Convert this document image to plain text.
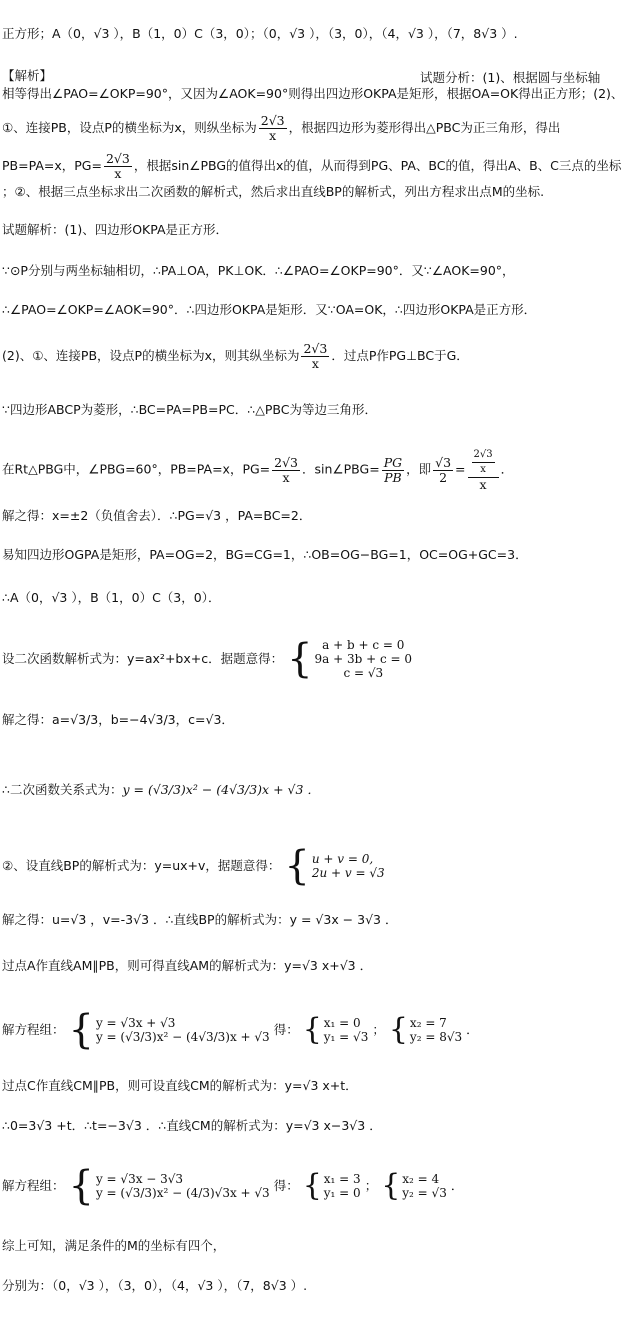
正方形；A（0，√3 ），B（1，0）C（3，0）；（0，√3 ），（3，0），（4，√3 ），（7，8√3 ）.
【解析】	试题分析：(1)、根据圆与坐标轴
相等得出∠PAO=∠OKP=90°，又因为∠AOK=90°则得出四边形OKPA是矩形，根据OA=OK得出正方形；(2)、
①、连接PB，设点P的横坐标为x，则纵坐标为 $\frac{2√3}{x}$ ，根据四边形为菱形得出△PBC为正三角形，得出
PB=PA=x，$PG= \frac{2√3}{x}$ ，根据sin∠PBG的值得出x的值，从而得到PG、PA、BC的值，得出A、B、C三点的坐标
；②、根据三点坐标求出二次函数的解析式，然后求出直线BP的解析式，列出方程求出点M的坐标.
试题解析：(1)、四边形OKPA是正方形．
∵⊙P分别与两坐标轴相切，∴PA⊥OA，PK⊥OK．∴∠PAO=∠OKP=90°．又∵∠AOK=90°，
∴∠PAO=∠OKP=∠AOK=90°．∴四边形OKPA是矩形．又∵OA=OK，∴四边形OKPA是正方形．
(2)、①、连接PB，设点P的横坐标为x，则其纵坐标为 $\frac{2√3}{x}$ ．过点P作PG⊥BC于G．
∵四边形ABCP为菱形，∴BC=PA=PB=PC．∴△PBC为等边三角形．
在Rt△PBG中，∠PBG=60°，PB=PA=x，$PG= \frac{2√3}{x}$ ．sin∠PBG= $\frac{PG}{PB}$ ，即 $\frac{√3}{2} = \frac{\frac{2√3}{x}}{x}$ ．
解之得：x=±2（负值舍去）．∴PG=√3 ，PA=BC=2．
易知四边形OGPA是矩形，PA=OG=2，BG=CG=1，∴OB=OG−BG=1，OC=OG+GC=3．
∴A（0，√3 ），B（1，0）C（3，0）．
设二次函数解析式为：y=ax²+bx+c．据题意得： { a + b + c = 0
9a + 3b + c = 0
c = √3
解之得：a=√3/3，b=−4√3/3，c=√3．
∴二次函数关系式为：y = (√3/3)x² − (4√3/3)x + √3 ．
②、设直线BP的解析式为：y=ux+v，据题意得： { u + v = 0,
2u + v = √3
解之得：u=√3 ，v=-3√3 ．∴直线BP的解析式为：y = √3x − 3√3 ．
过点A作直线AM∥PB，则可得直线AM的解析式为：y=√3 x+√3 ．
解方程组： { y = √3x + √3
y = (√3/3)x² − (4√3/3)x + √3 得： { x₁ = 0
y₁ = √3 ； { x₂ = 7
y₂ = 8√3 ．
过点C作直线CM∥PB，则可设直线CM的解析式为：y=√3 x+t．
∴0=3√3 +t．∴t=−3√3 ．∴直线CM的解析式为：y=√3 x−3√3 ．
解方程组： { y = √3x − 3√3
y = (√3/3)x² − (4/3)√3x + √3 得： { x₁ = 3
y₁ = 0 ； { x₂ = 4
y₂ = √3 ．
综上可知，满足条件的M的坐标有四个，
分别为：（0，√3 ），（3，0），（4，√3 ），（7，8√3 ）.
